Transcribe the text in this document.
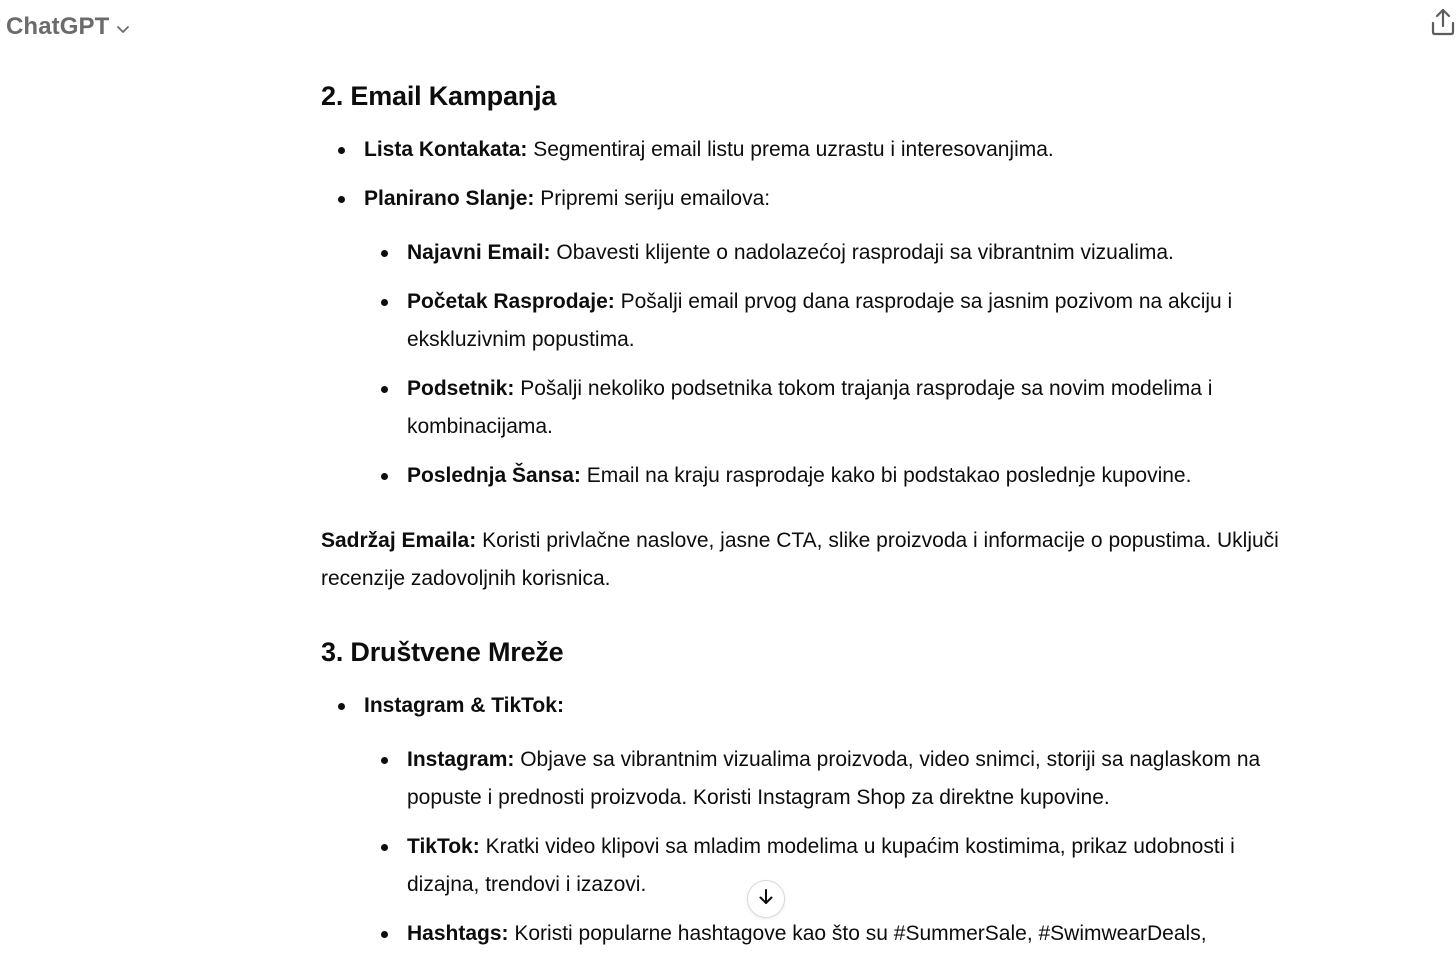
ChatGPT
2. Email Kampanja
Lista Kontakata: Segmentiraj email listu prema uzrastu i interesovanjima.
Planirano Slanje: Pripremi seriju emailova:
Najavni Email: Obavesti klijente o nadolazećoj rasprodaji sa vibrantnim vizualima.
Početak Rasprodaje: Pošalji email prvog dana rasprodaje sa jasnim pozivom na akciju i ekskluzivnim popustima.
Podsetnik: Pošalji nekoliko podsetnika tokom trajanja rasprodaje sa novim modelima i kombinacijama.
Poslednja Šansa: Email na kraju rasprodaje kako bi podstakao poslednje kupovine.

Sadržaj Emaila: Koristi privlačne naslove, jasne CTA, slike proizvoda i informacije o popustima. Uključi recenzije zadovoljnih korisnica.

3. Društvene Mreže
Instagram & TikTok:
Instagram: Objave sa vibrantnim vizualima proizvoda, video snimci, storiji sa naglaskom na popuste i prednosti proizvoda. Koristi Instagram Shop za direktne kupovine.
TikTok: Kratki video klipovi sa mladim modelima u kupaćim kostimima, prikaz udobnosti i dizajna, trendovi i izazovi.
Hashtags: Koristi popularne hashtagove kao što su #SummerSale, #SwimwearDeals,
